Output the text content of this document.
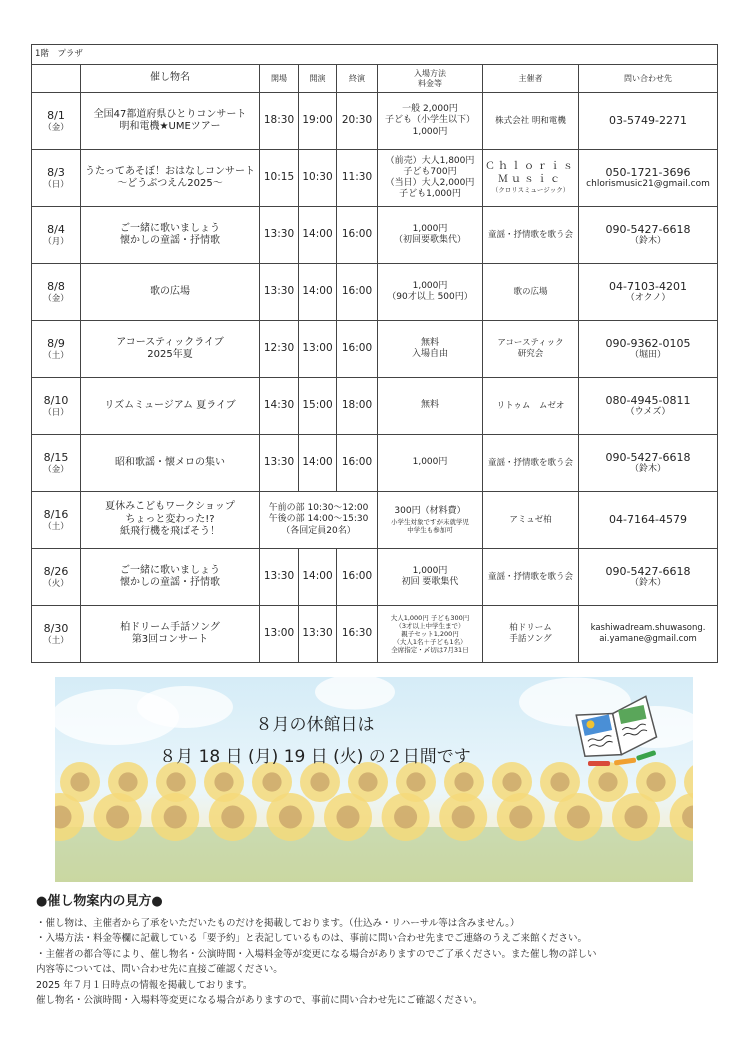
1階　プラザ							
	催し物名	開場	開演	終演	入場方法
料金等	主催者	問い合わせ先

8/1
（金）	全国47都道府県ひとりコンサート
明和電機★UMEツアー	18:30	19:00	20:30	一般 2,000円
子ども（小学生以下）
1,000円	株式会社 明和電機	03-5749-2271

8/3
（日）	うたってあそぼ！おはなしコンサート
～どうぶつえん2025～	10:15	10:30	11:30	（前売）大人1,800円
子ども700円
（当日）大人2,000円
子ども1,000円	Ｃｈｌｏｒｉｓ
Ｍｕｓｉｃ
（クロリスミュージック）	050-1721-3696
chlorismusic21@gmail.com

8/4
（月）	ご一緒に歌いましょう
懐かしの童謡・抒情歌	13:30	14:00	16:00	1,000円
（初回要歌集代）	童謡・抒情歌を歌う会	090-5427-6618
（鈴木）

8/8
（金）	歌の広場	13:30	14:00	16:00	1,000円
（90才以上 500円）	歌の広場	04-7103-4201
（オクノ）

8/9
（土）	アコースティックライブ
2025年夏	12:30	13:00	16:00	無料
入場自由	アコースティック
研究会	090-9362-0105
（堀田）

8/10
（日）	リズムミュージアム 夏ライブ	14:30	15:00	18:00	無料	リトゥム　ムゼオ	080-4945-0811
（ウメズ）

8/15
（金）	昭和歌謡・懐メロの集い	13:30	14:00	16:00	1,000円	童謡・抒情歌を歌う会	090-5427-6618
（鈴木）

8/16
（土）	夏休みこどもワークショップ
ちょっと変わった!?
紙飛行機を飛ばそう！	午前の部 10:30～12:00
午後の部 14:00～15:30
（各回定員20名）			300円（材料費）
小学生対象ですが未就学児
中学生も参加可	アミュゼ柏	04-7164-4579

8/26
（火）	ご一緒に歌いましょう
懐かしの童謡・抒情歌	13:30	14:00	16:00	1,000円
初回 要歌集代	童謡・抒情歌を歌う会	090-5427-6618
（鈴木）

8/30
（土）	柏ドリーム手話ソング
第3回コンサート	13:00	13:30	16:30	大人1,000円 子ども300円
（3才以上中学生まで）
親子セット1,200円
（大人1名＋子ども1名）
全席指定・〆切は7月31日	柏ドリーム
手話ソング	kashiwadream.shuwasong.
ai.yamane@gmail.com
８月の休館日は
８月 18 日 (月) 19 日 (火) の２日間です
●催し物案内の見方●

・催し物は、主催者から了承をいただいたものだけを掲載しております。（仕込み・リハーサル等は含みません。）

・入場方法・料金等欄に記載している「要予約」と表記しているものは、事前に問い合わせ先までご連絡のうえご来館ください。

・主催者の都合等により、催し物名・公演時間・入場料金等が変更になる場合がありますのでご了承ください。また催し物の詳しい

内容等については、問い合わせ先に直接ご確認ください。

2025 年７月１日時点の情報を掲載しております。

催し物名・公演時間・入場料等変更になる場合がありますので、事前に問い合わせ先にご確認ください。
